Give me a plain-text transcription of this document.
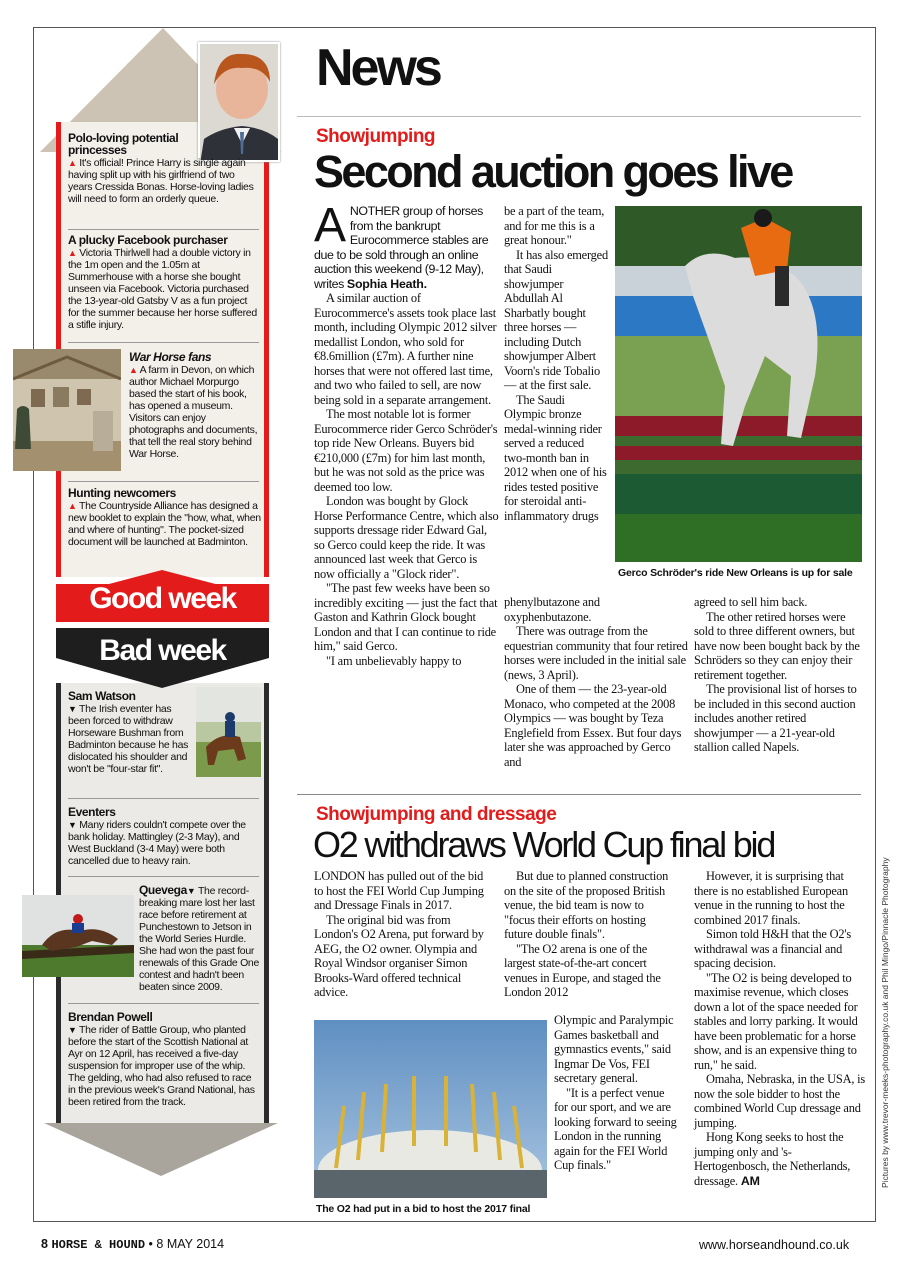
Polo-loving potential princesses
▲ It's official! Prince Harry is single again having split up with his girlfriend of two years Cressida Bonas. Horse-loving ladies will need to form an orderly queue.
A plucky Facebook purchaser
▲ Victoria Thirlwell had a double victory in the 1m open and the 1.05m at Summerhouse with a horse she bought unseen via Facebook. Victoria purchased the 13-year-old Gatsby V as a fun project for the summer because her horse suffered a stifle injury.
War Horse fans
▲ A farm in Devon, on which author Michael Morpurgo based the start of his book, has opened a museum. Visitors can enjoy photographs and documents, that tell the real story behind War Horse.
Hunting newcomers
▲ The Countryside Alliance has designed a new booklet to explain the "how, what, when and where of hunting". The pocket-sized document will be launched at Badminton.
Good week
Bad week
Sam Watson
▼ The Irish eventer has been forced to withdraw Horseware Bushman from Badminton because he has dislocated his shoulder and won't be "four-star fit".
Eventers
▼ Many riders couldn't compete over the bank holiday. Mattingley (2-3 May), and West Buckland (3-4 May) were both cancelled due to heavy rain.
Quevega▼ The record-breaking mare lost her last race before retirement at Punchestown to Jetson in the World Series Hurdle. She had won the past four renewals of this Grade One contest and hadn't been beaten since 2009.
Brendan Powell
▼ The rider of Battle Group, who planted before the start of the Scottish National at Ayr on 12 April, has received a five-day suspension for improper use of the whip. The gelding, who had also refused to race in the previous week's Grand National, has been retired from the track.
News
Showjumping
Second auction goes live
A NOTHER group of horses from the bankrupt Eurocommerce stables are due to be sold through an online auction this weekend (9-12 May), writes Sophia Heath.

A similar auction of Eurocommerce's assets took place last month, including Olympic 2012 silver medallist London, who sold for €8.6million (£7m). A further nine horses that were not offered last time, and two who failed to sell, are now being sold in a separate arrangement.

The most notable lot is former Eurocommerce rider Gerco Schröder's top ride New Orleans. Buyers bid €210,000 (£7m) for him last month, but he was not sold as the price was deemed too low.

London was bought by Glock Horse Performance Centre, which also supports dressage rider Edward Gal, so Gerco could keep the ride. It was announced last week that Gerco is now officially a "Glock rider".

"The past few weeks have been so incredibly exciting — just the fact that Gaston and Kathrin Glock bought London and that I can continue to ride him," said Gerco.

"I am unbelievably happy to

be a part of the team, and for me this is a great honour."

It has also emerged that Saudi showjumper Abdullah Al Sharbatly bought three horses — including Dutch showjumper Albert Voorn's ride Tobalio — at the first sale.

The Saudi Olympic bronze medal-winning rider served a reduced two-month ban in 2012 when one of his rides tested positive for steroidal anti-inflammatory drugs

Gerco Schröder's ride New Orleans is up for sale

phenylbutazone and oxyphenbutazone.

There was outrage from the equestrian community that four retired horses were included in the initial sale (news, 3 April).

One of them — the 23-year-old Monaco, who competed at the 2008 Olympics — was bought by Teza Englefield from Essex. But four days later she was approached by Gerco and

agreed to sell him back.

The other retired horses were sold to three different owners, but have now been bought back by the Schröders so they can enjoy their retirement together.

The provisional list of horses to be included in this second auction includes another retired showjumper — a 21-year-old stallion called Napels.

Showjumping and dressage
O2 withdraws World Cup final bid

LONDON has pulled out of the bid to host the FEI World Cup Jumping and Dressage Finals in 2017.

The original bid was from London's O2 Arena, put forward by AEG, the O2 owner. Olympia and Royal Windsor organiser Simon Brooks-Ward offered technical advice.

But due to planned construction on the site of the proposed British venue, the bid team is now to "focus their efforts on hosting future double finals".

"The O2 arena is one of the largest state-of-the-art concert venues in Europe, and staged the London 2012

The O2 had put in a bid to host the 2017 final

Olympic and Paralympic Games basketball and gymnastics events," said Ingmar De Vos, FEI secretary general.

"It is a perfect venue for our sport, and we are looking forward to seeing London in the running again for the FEI World Cup finals."

However, it is surprising that there is no established European venue in the running to host the combined 2017 finals.

Simon told H&H that the O2's withdrawal was a financial and spacing decision.

"The O2 is being developed to maximise revenue, which closes down a lot of the space needed for stables and lorry parking. It would have been problematic for a horse show, and is an expensive thing to run," he said.

Omaha, Nebraska, in the USA, is now the sole bidder to host the combined World Cup dressage and jumping.

Hong Kong seeks to host the jumping only and 's-Hertogenbosch, the Netherlands, dressage. AM	Pictures by www.trevor-meeks-photography.co.uk and Phil Mingo/Pinnacle Photography
8 HORSE & HOUND • 8 MAY 2014	www.horseandhound.co.uk
